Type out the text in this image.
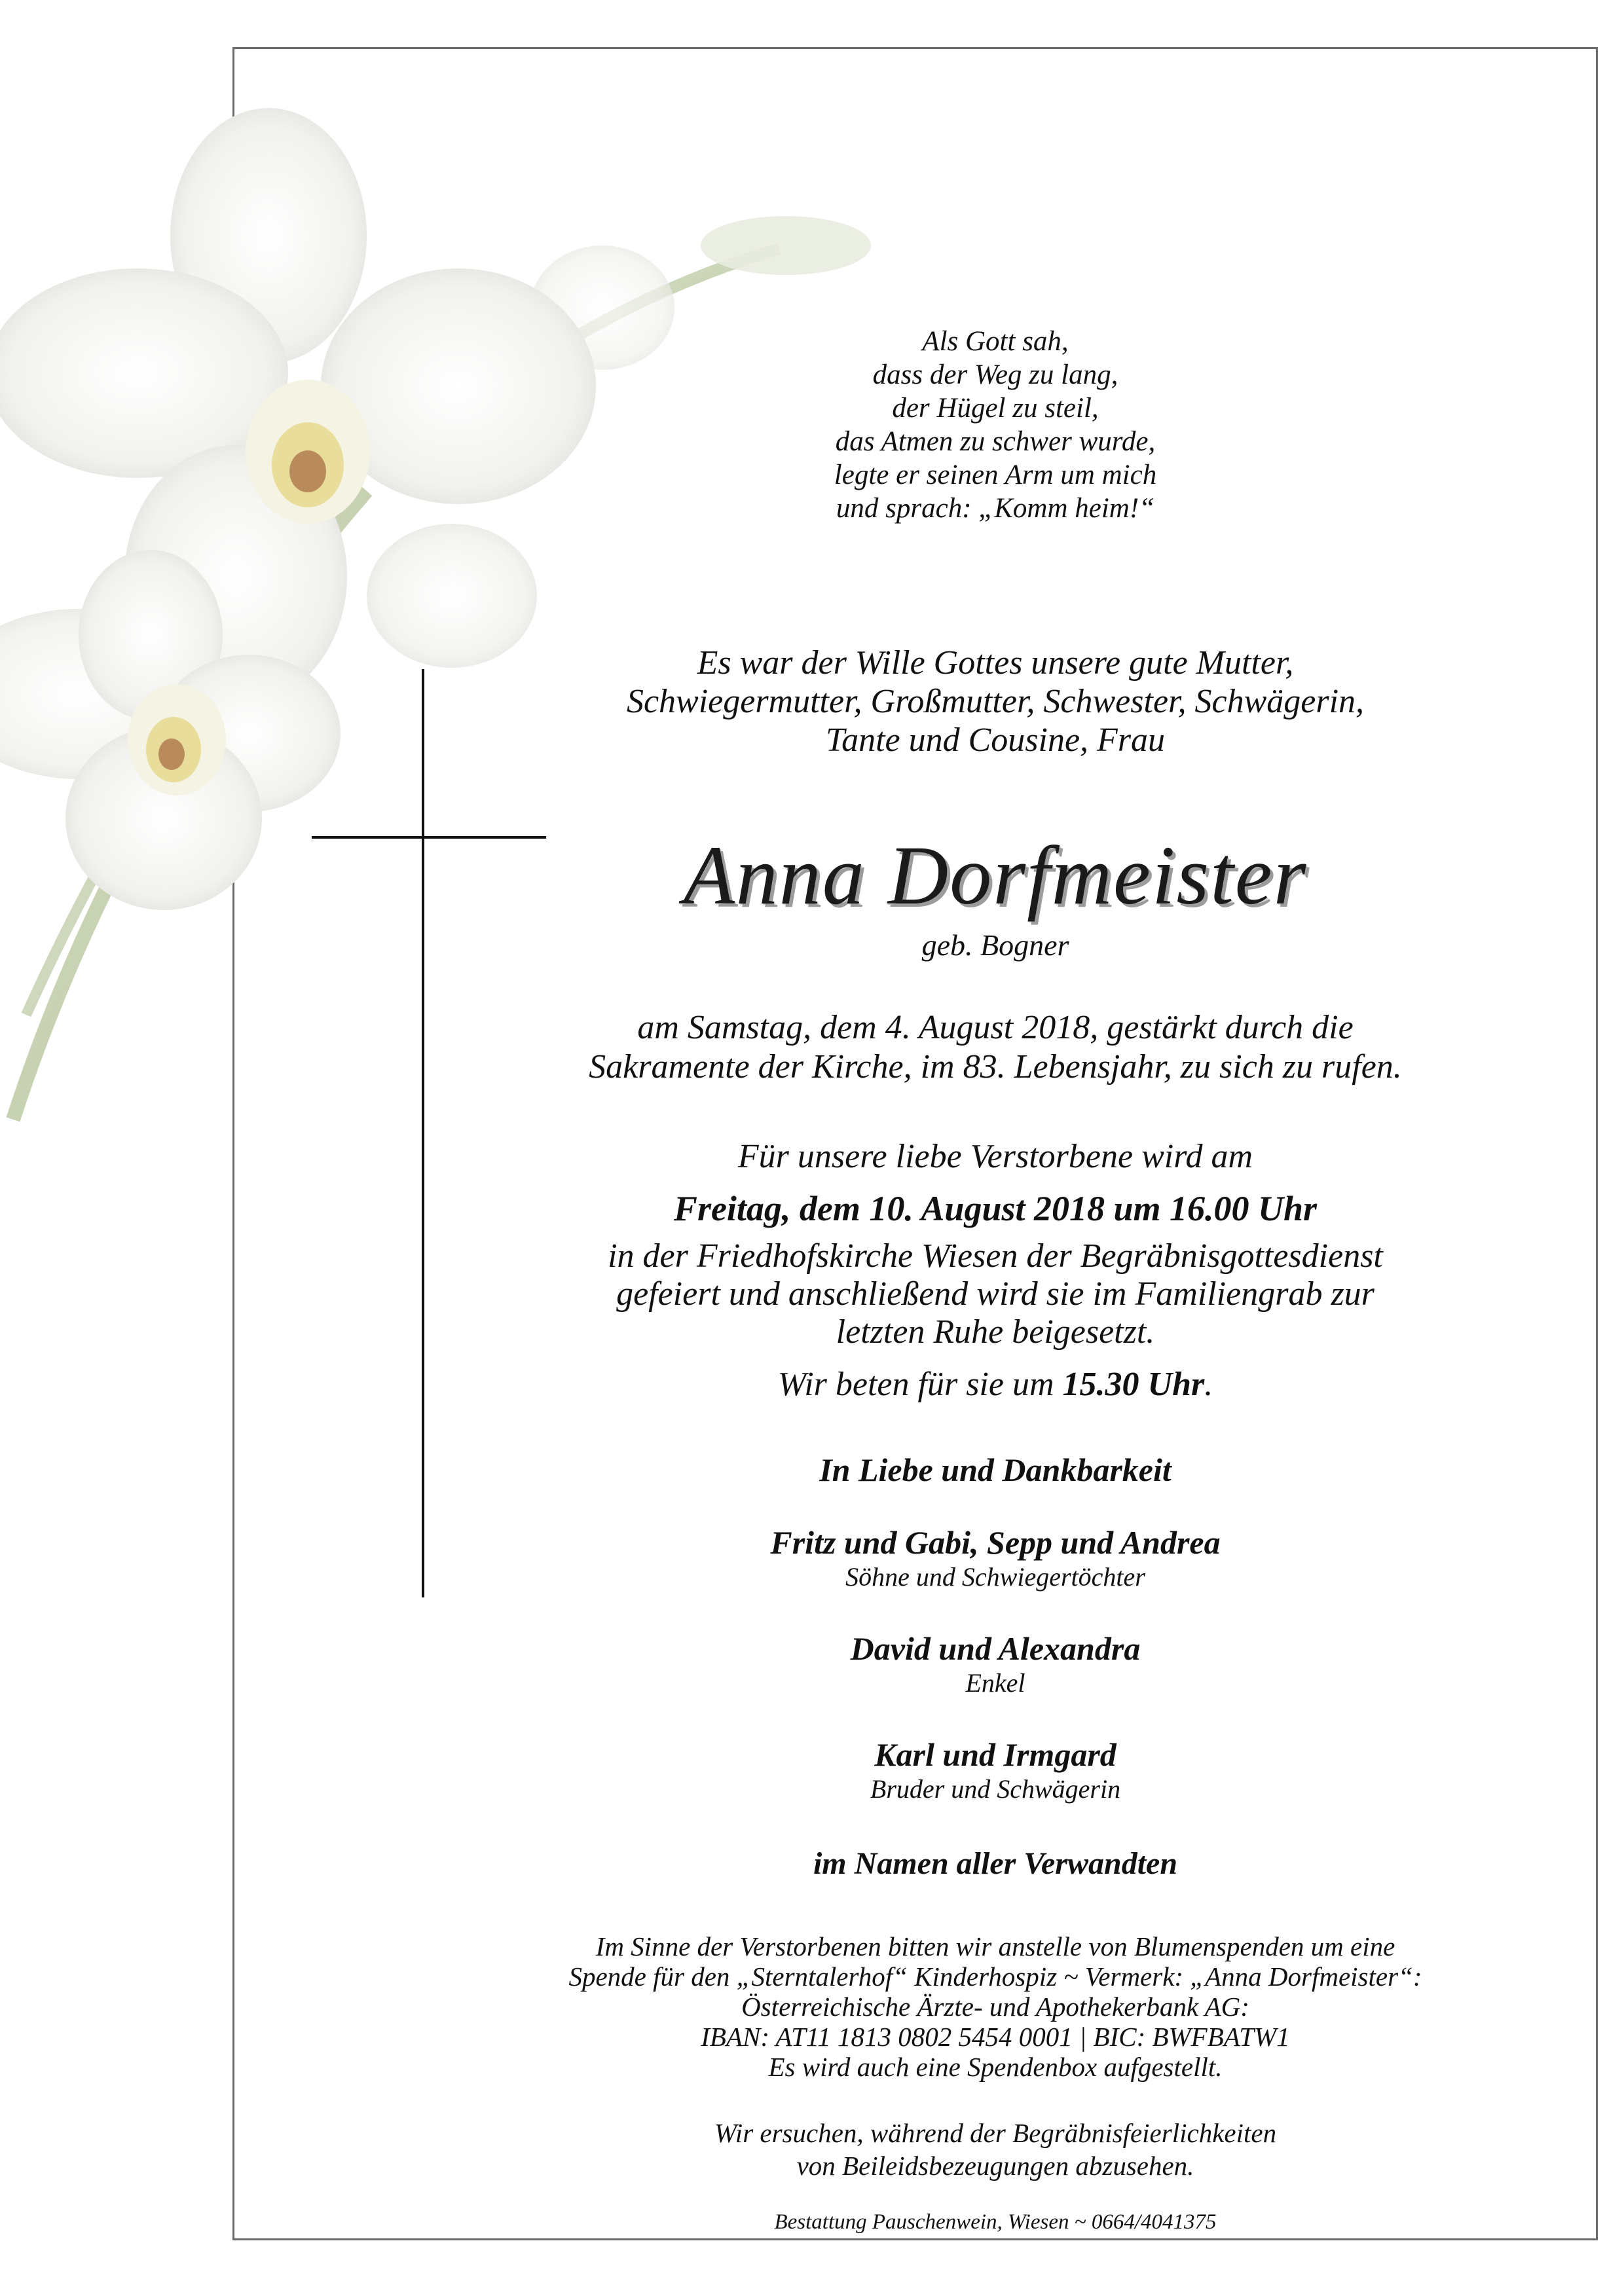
Als Gott sah,
dass der Weg zu lang,
der Hügel zu steil,
das Atmen zu schwer wurde,
legte er seinen Arm um mich
und sprach: „Komm heim!“
Es war der Wille Gottes unsere gute Mutter,
Schwiegermutter, Großmutter, Schwester, Schwägerin,
Tante und Cousine, Frau
Anna Dorfmeister
geb. Bogner
am Samstag, dem 4. August 2018, gestärkt durch die
Sakramente der Kirche, im 83. Lebensjahr, zu sich zu rufen.
Für unsere liebe Verstorbene wird am
Freitag, dem 10. August 2018 um 16.00 Uhr
in der Friedhofskirche Wiesen der Begräbnisgottesdienst
gefeiert und anschließend wird sie im Familiengrab zur
letzten Ruhe beigesetzt.
Wir beten für sie um 15.30 Uhr.
In Liebe und Dankbarkeit
Fritz und Gabi, Sepp und Andrea
Söhne und Schwiegertöchter
David und Alexandra
Enkel
Karl und Irmgard
Bruder und Schwägerin
im Namen aller Verwandten
Im Sinne der Verstorbenen bitten wir anstelle von Blumenspenden um eine
Spende für den „Sterntalerhof“ Kinderhospiz ~ Vermerk: „Anna Dorfmeister“:
Österreichische Ärzte- und Apothekerbank AG:
IBAN: AT11 1813 0802 5454 0001 | BIC: BWFBATW1
Es wird auch eine Spendenbox aufgestellt.
Wir ersuchen, während der Begräbnisfeierlichkeiten
von Beileidsbezeugungen abzusehen.
Bestattung Pauschenwein, Wiesen ~ 0664/4041375
